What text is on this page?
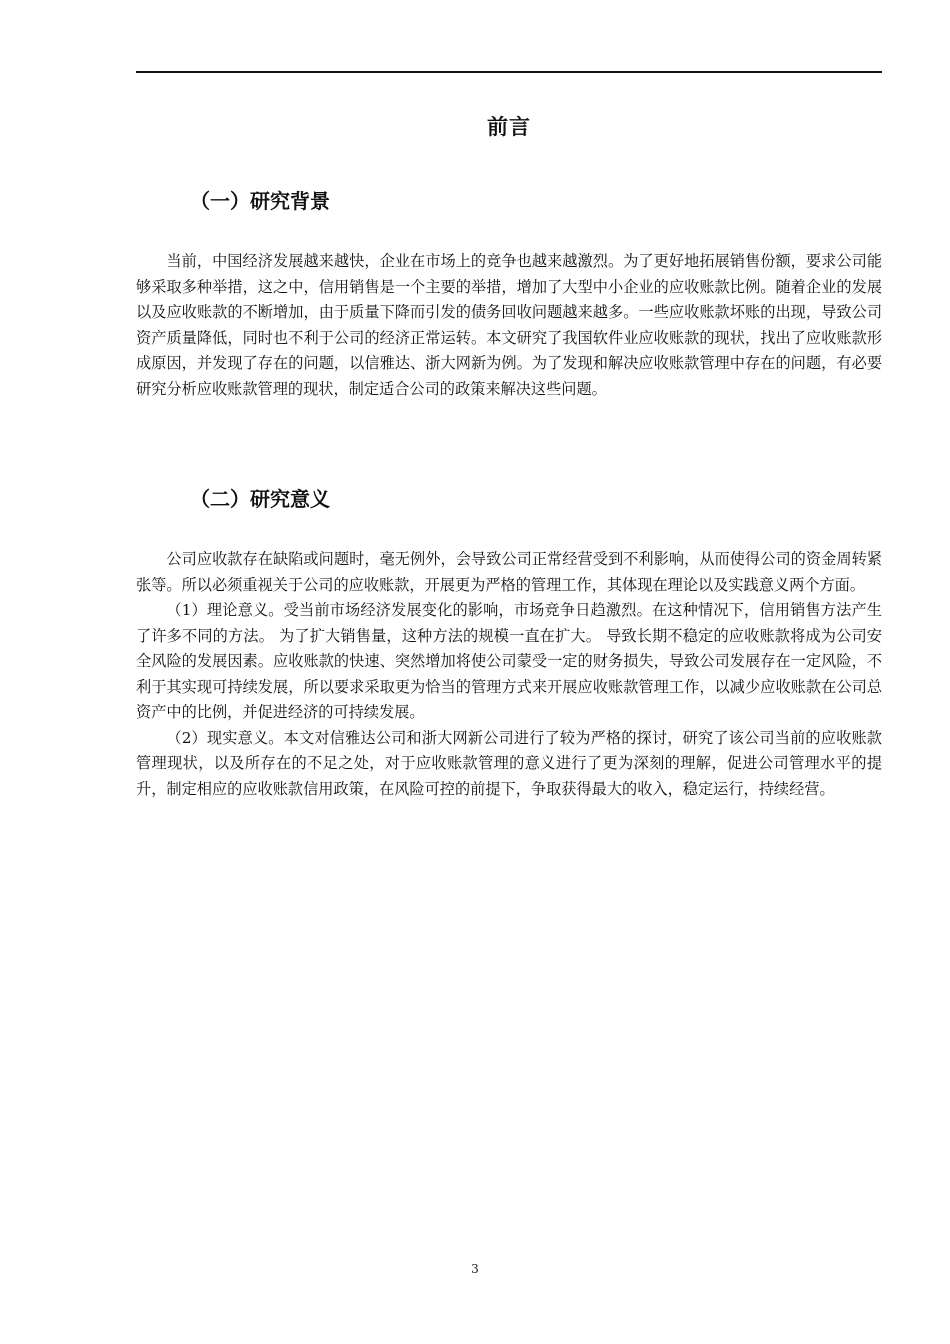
前言
（一）研究背景

当前，中国经济发展越来越快，企业在市场上的竞争也越来越激烈。为了更好地拓展销售份额，要求公司能够采取多种举措，这之中，信用销售是一个主要的举措，增加了大型中小企业的应收账款比例。随着企业的发展以及应收账款的不断增加，由于质量下降而引发的债务回收问题越来越多。一些应收账款坏账的出现，导致公司资产质量降低，同时也不利于公司的经济正常运转。本文研究了我国软件业应收账款的现状，找出了应收账款形成原因，并发现了存在的问题，以信雅达、浙大网新为例。为了发现和解决应收账款管理中存在的问题，有必要研究分析应收账款管理的现状，制定适合公司的政策来解决这些问题。

（二）研究意义

公司应收款存在缺陷或问题时，毫无例外，会导致公司正常经营受到不利影响，从而使得公司的资金周转紧张等。所以必须重视关于公司的应收账款，开展更为严格的管理工作，其体现在理论以及实践意义两个方面。

（1）理论意义。受当前市场经济发展变化的影响，市场竞争日趋激烈。在这种情况下，信用销售方法产生了许多不同的方法。 为了扩大销售量，这种方法的规模一直在扩大。 导致长期不稳定的应收账款将成为公司安全风险的发展因素。应收账款的快速、突然增加将使公司蒙受一定的财务损失，导致公司发展存在一定风险，不利于其实现可持续发展，所以要求采取更为恰当的管理方式来开展应收账款管理工作，以减少应收账款在公司总资产中的比例，并促进经济的可持续发展。

（2）现实意义。本文对信雅达公司和浙大网新公司进行了较为严格的探讨，研究了该公司当前的应收账款管理现状，以及所存在的不足之处，对于应收账款管理的意义进行了更为深刻的理解，促进公司管理水平的提升，制定相应的应收账款信用政策，在风险可控的前提下，争取获得最大的收入，稳定运行，持续经营。

3
